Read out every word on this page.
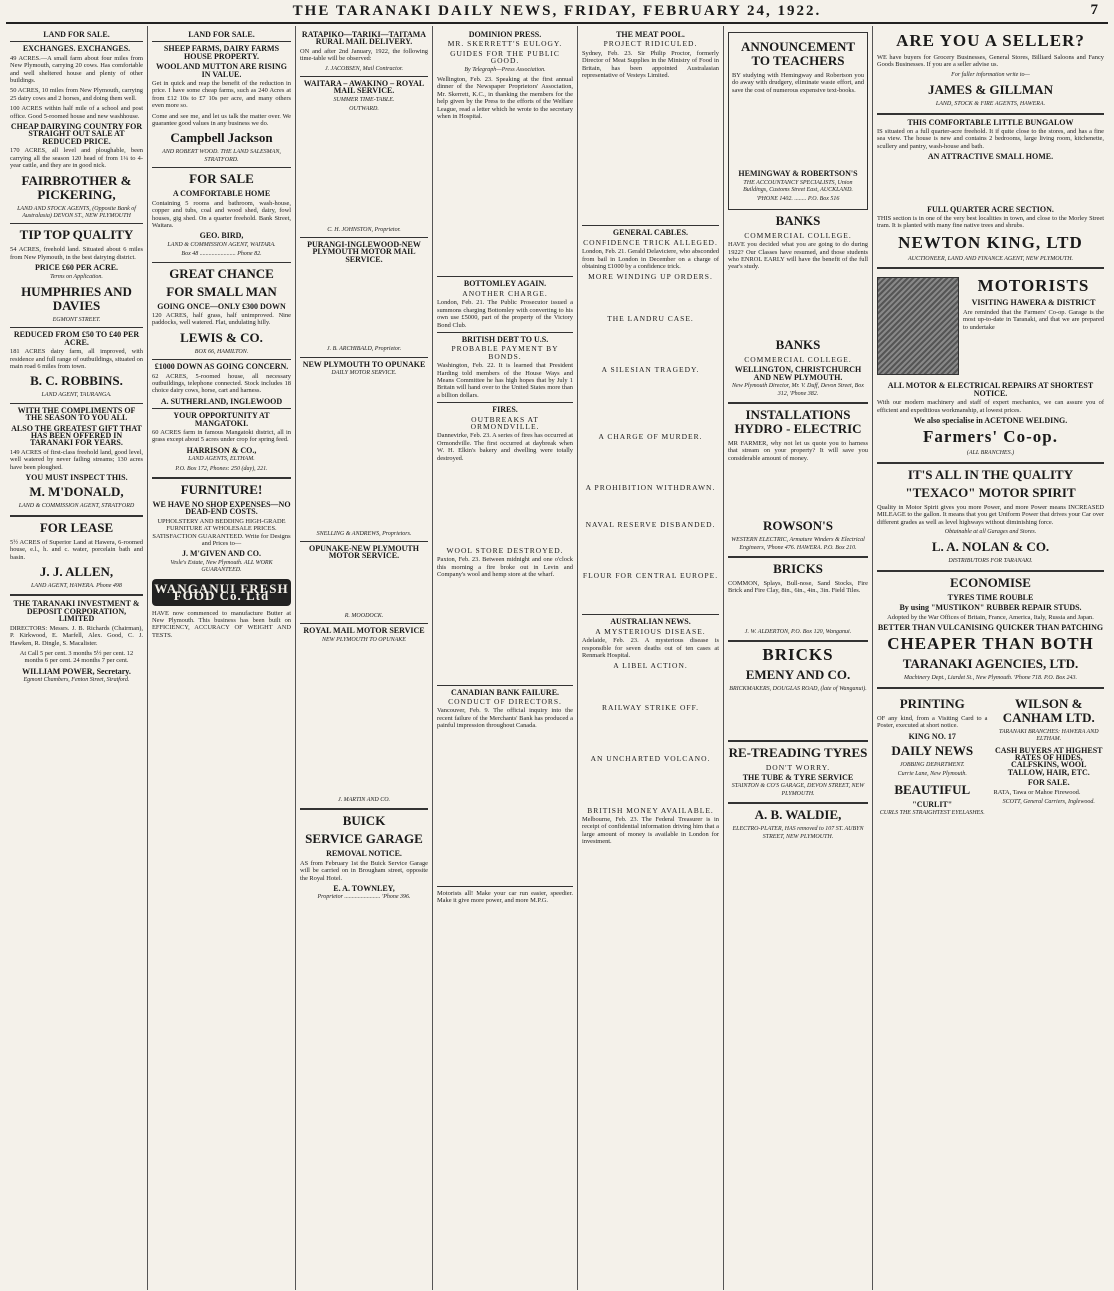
THE TARANAKI DAILY NEWS, FRIDAY, FEBRUARY 24, 1922.	7
LAND FOR SALE.
EXCHANGES. EXCHANGES.

49 ACRES.—A small farm about four miles from New Plymouth, carrying 20 cows. Has comfortable and well sheltered house and plenty of other buildings.

50 ACRES, 10 miles from New Plymouth, carrying 25 dairy cows and 2 horses, and doing them well.

100 ACRES within half mile of a school and post office. Good 5-roomed house and new washhouse.

CHEAP DAIRYING COUNTRY FOR STRAIGHT OUT SALE AT REDUCED PRICE.

170 ACRES, all level and ploughable, been carrying all the season 120 head of from 1¼ to 4-year cattle, and they are in good nick.

FAIRBROTHER & PICKERING,
LAND AND STOCK AGENTS, (Opposite Bank of Australasia) DEVON ST., NEW PLYMOUTH
TIP TOP QUALITY

54 ACRES, freehold land. Situated about 6 miles from New Plymouth, in the best dairying district.

PRICE £60 PER ACRE.
Terms on Application.
HUMPHRIES AND DAVIES
EGMONT STREET.
REDUCED FROM £50 TO £40 PER ACRE.

181 ACRES dairy farm, all improved, with residence and full range of outbuildings, situated on main road 6 miles from town.

B. C. ROBBINS.
LAND AGENT, TAURANGA.
WITH THE COMPLIMENTS OF THE SEASON TO YOU ALL
ALSO THE GREATEST GIFT THAT HAS BEEN OFFERED IN TARANAKI FOR YEARS.

149 ACRES of first-class freehold land, good level, well watered by never failing streams; 130 acres have been ploughed.

YOU MUST INSPECT THIS.
M. M'DONALD,
LAND & COMMISSION AGENT, STRATFORD
FOR LEASE

5½ ACRES of Superior Land at Hawera, 6-roomed house, e.l., h. and c. water, porcelain bath and basin.

J. J. ALLEN,
LAND AGENT, HAWERA. Phone 498
THE TARANAKI INVESTMENT & DEPOSIT CORPORATION, LIMITED

DIRECTORS: Messrs. J. B. Richards (Chairman), P. Kirkwood, E. Marfell, Alex. Good, C. J. Hawken, R. Dingle, S. Macalister.

At Call 5 per cent. 3 months 5½ per cent. 12 months 6 per cent. 24 months 7 per cent.

WILLIAM POWER, Secretary.
Egmont Chambers, Fenton Street, Stratford.
LAND FOR SALE.
SHEEP FARMS, DAIRY FARMS HOUSE PROPERTY.
WOOL AND MUTTON ARE RISING IN VALUE.

Get in quick and reap the benefit of the reduction in price. I have some cheap farms, such as 240 Acres at from £12 10s to £7 10s per acre, and many others even more so.

Come and see me, and let us talk the matter over. We guarantee good values in any business we do.

Campbell Jackson
AND ROBERT WOOD. THE LAND SALESMAN, STRATFORD.
FOR SALE
A COMFORTABLE HOME

Containing 5 rooms and bathroom, wash-house, copper and tubs, coal and wood shed, dairy, fowl houses, gig shed. On a quarter freehold. Bank Street, Waitara.

GEO. BIRD,
LAND & COMMISSION AGENT, WAITARA.
Box 48 ........................ Phone 82.
GREAT CHANCE
FOR SMALL MAN
GOING ONCE—ONLY £300 DOWN

120 ACRES, half grass, half unimproved. Nine paddocks, well watered. Flat, undulating hilly.

LEWIS & CO.
BOX 66, HAMILTON.
£1000 DOWN AS GOING CONCERN.

62 ACRES, 5-roomed house, all necessary outbuildings, telephone connected. Stock includes 18 choice dairy cows, horse, cart and harness.

A. SUTHERLAND, INGLEWOOD
YOUR OPPORTUNITY AT MANGATOKI.

60 ACRES farm in famous Mangatoki district, all in grass except about 5 acres under crop for spring feed.

HARRISON & CO.,
LAND AGENTS, ELTHAM.
P.O. Box 172, Phones: 250 (day), 221.
FURNITURE!
WE HAVE NO SHOP EXPENSES—NO DEAD-END COSTS.

UPHOLSTERY AND BEDDING HIGH-GRADE FURNITURE AT WHOLESALE PRICES. SATISFACTION GUARANTEED. Write for Designs and Prices to—

J. M'GIVEN AND CO.
Vesle's Estate, New Plymouth. ALL WORK GUARANTEED.
WANGANUI FRESH FOOD Co. Ltd

HAVE now commenced to manufacture Butter at New Plymouth. This business has been built on EFFICIENCY, ACCURACY OF WEIGHT AND TESTS.

RATAPIKO—TARIKI—TAITAMA RURAL MAIL DELIVERY.

ON and after 2nd January, 1922, the following time-table will be observed:

J. JACOBSEN, Mail Contractor.
WAITARA – AWAKINO – ROYAL MAIL SERVICE.
SUMMER TIME-TABLE.
OUTWARD.
C. H. JOHNSTON, Proprietor.
PURANGI-INGLEWOOD-NEW PLYMOUTH MOTOR MAIL SERVICE.
J. B. ARCHIBALD, Proprietor.
NEW PLYMOUTH TO OPUNAKE
DAILY MOTOR SERVICE.
SNELLING & ANDREWS, Proprietors.
OPUNAKE-NEW PLYMOUTH MOTOR SERVICE.
R. MOODOCK.
ROYAL MAIL MOTOR SERVICE
NEW PLYMOUTH TO OPUNAKE
J. MARTIN AND CO.
BUICK
SERVICE GARAGE
REMOVAL NOTICE.

AS from February 1st the Buick Service Garage will be carried on in Brougham street, opposite the Royal Hotel.

E. A. TOWNLEY,
Proprietor ........................ 'Phone 396.
DOMINION PRESS.
MR. SKERRETT'S EULOGY.
GUIDES FOR THE PUBLIC GOOD.
By Telegraph—Press Association.

Wellington, Feb. 23. Speaking at the first annual dinner of the Newspaper Proprietors' Association, Mr. Skerrett, K.C., in thanking the members for the help given by the Press to the efforts of the Welfare League, read a letter which he wrote to the secretary when in Hospital.

BOTTOMLEY AGAIN.
ANOTHER CHARGE.

London, Feb. 21. The Public Prosecutor issued a summons charging Bottomley with converting to his own use £5000, part of the property of the Victory Bond Club.

BRITISH DEBT TO U.S.
PROBABLE PAYMENT BY BONDS.

Washington, Feb. 22. It is learned that President Harding told members of the House Ways and Means Committee he has high hopes that by July 1 Britain will hand over to the United States more than a billion dollars.

FIRES.
OUTBREAKS AT ORMONDVILLE.

Dannevirke, Feb. 23. A series of fires has occurred at Ormondville. The first occurred at daybreak when W. H. Elkin's bakery and dwelling were totally destroyed.

WOOL STORE DESTROYED.

Paxton, Feb. 23. Between midnight and one o'clock this morning a fire broke out in Levin and Company's wool and hemp store at the wharf.

CANADIAN BANK FAILURE.
CONDUCT OF DIRECTORS.

Vancouver, Feb. 9. The official inquiry into the recent failure of the Merchants' Bank has produced a painful impression throughout Canada.

Motorists all! Make your car run easier, speedier. Make it give more power, and more M.P.G.

THE MEAT POOL.
PROJECT RIDICULED.

Sydney, Feb. 23. Sir Philip Proctor, formerly Director of Meat Supplies in the Ministry of Food in Britain, has been appointed Australasian representative of Vesteys Limited.

GENERAL CABLES.
CONFIDENCE TRICK ALLEGED.

London, Feb. 21. Gerald Delaviciere, who absconded from bail in London in December on a charge of obtaining £1000 by a confidence trick.

MORE WINDING UP ORDERS.
THE LANDRU CASE.
A SILESIAN TRAGEDY.
A CHARGE OF MURDER.
A PROHIBITION WITHDRAWN.
NAVAL RESERVE DISBANDED.
FLOUR FOR CENTRAL EUROPE.
AUSTRALIAN NEWS.
A MYSTERIOUS DISEASE.

Adelaide, Feb. 23. A mysterious disease is responsible for seven deaths out of ten cases at Renmark Hospital.

A LIBEL ACTION.
RAILWAY STRIKE OFF.
AN UNCHARTED VOLCANO.
BRITISH MONEY AVAILABLE.

Melbourne, Feb. 23. The Federal Treasurer is in receipt of confidential information driving him that a large amount of money is available in London for investment.

ANNOUNCEMENT TO TEACHERS

BY studying with Hemingway and Robertson you do away with drudgery, eliminate waste effort, and save the cost of numerous expensive text-books.

HEMINGWAY & ROBERTSON'S
THE ACCOUNTANCY SPECIALISTS, Union Buildings, Customs Street East, AUCKLAND.
'PHONE 1402. ........ P.O. Box 516
BANKS
COMMERCIAL COLLEGE.

HAVE you decided what you are going to do during 1922? Our Classes have resumed, and those students who ENROL EARLY will have the benefit of the full year's study.

BANKS
COMMERCIAL COLLEGE.
WELLINGTON, CHRISTCHURCH AND NEW PLYMOUTH.
New Plymouth Director, Mr. V. Duff, Devon Street, Box 312, 'Phone 382.
INSTALLATIONS HYDRO - ELECTRIC

MR FARMER, why not let us quote you to harness that stream on your property? It will save you considerable amount of money.

ROWSON'S
WESTERN ELECTRIC, Armature Winders & Electrical Engineers, 'Phone 476. HAWERA. P.O. Box 210.
BRICKS

COMMON, Splays, Bull-nose, Sand Stocks, Fire Brick and Fire Clay, 8in., 6in., 4in., 3in. Field Tiles.

J. W. ALDERTON, P.O. Box 120, Wanganui.
BRICKS
EMENY AND CO.
BRICKMAKERS, DOUGLAS ROAD, (late of Wanganui).
RE-TREADING TYRES
DON'T WORRY.
THE TUBE & TYRE SERVICE
STAINTON & CO'S GARAGE, DEVON STREET, NEW PLYMOUTH.
A. B. WALDIE,
ELECTRO-PLATER, HAS removed to 107 ST. AUBYN STREET, NEW PLYMOUTH.
ARE YOU A SELLER?

WE have buyers for Grocery Businesses, General Stores, Billiard Saloons and Fancy Goods Businesses. If you are a seller advise us.

For fuller information write to—
JAMES & GILLMAN
LAND, STOCK & FIRE AGENTS, HAWERA.
THIS COMFORTABLE LITTLE BUNGALOW

IS situated on a full quarter-acre freehold. It if quite close to the stores, and has a fine sea view. The house is new and contains 2 bedrooms, large living room, kitchenette, scullery and pantry, wash-house and bath.

AN ATTRACTIVE SMALL HOME.
FULL QUARTER ACRE SECTION.

THIS section is in one of the very best localities in town, and close to the Morley Street tram. It is planted with many fine native trees and shrubs.

NEWTON KING, LTD
AUCTIONEER, LAND AND FINANCE AGENT, NEW PLYMOUTH.
MOTORISTS
VISITING HAWERA & DISTRICT

Are reminded that the Farmers' Co-op. Garage is the most up-to-date in Taranaki, and that we are prepared to undertake

ALL MOTOR & ELECTRICAL REPAIRS AT SHORTEST NOTICE.

With our modern machinery and staff of expert mechanics, we can assure you of efficient and expeditious workmanship, at lowest prices.

We also specialise in ACETONE WELDING.
Farmers' Co-op.
(ALL BRANCHES.)
IT'S ALL IN THE QUALITY
"TEXACO" MOTOR SPIRIT

Quality in Motor Spirit gives you more Power, and more Power means INCREASED MILEAGE to the gallon. It means that you get Uniform Power that drives your Car over different grades as well as level highways without diminishing force.

Obtainable at all Garages and Stores.
L. A. NOLAN & CO.
DISTRIBUTORS FOR TARANAKI.
ECONOMISE
TYRES TIME ROUBLE
By using "MUSTIKON" RUBBER REPAIR STUDS.

Adopted by the War Offices of Britain, France, America, Italy, Russia and Japan.

BETTER THAN VULCANISING QUICKER THAN PATCHING
CHEAPER THAN BOTH
TARANAKI AGENCIES, LTD.
Machinery Dept., Liardet St., New Plymouth. 'Phone 718. P.O. Box 243.
PRINTING

OF any kind, from a Visiting Card to a Poster, executed at short notice.

KING NO. 17
DAILY NEWS
JOBBING DEPARTMENT.
Currie Lane, New Plymouth.
BEAUTIFUL
"CURLIT"
CURLS THE STRAIGHTEST EYELASHES.
WILSON & CANHAM LTD.
TARANAKI BRANCHES: HAWERA AND ELTHAM.
CASH BUYERS AT HIGHEST RATES OF HIDES, CALFSKINS, WOOL TALLOW, HAIR, ETC.
FOR SALE.

RATA, Tawa or Mahoe Firewood.

SCOTT, General Carriers, Inglewood.
